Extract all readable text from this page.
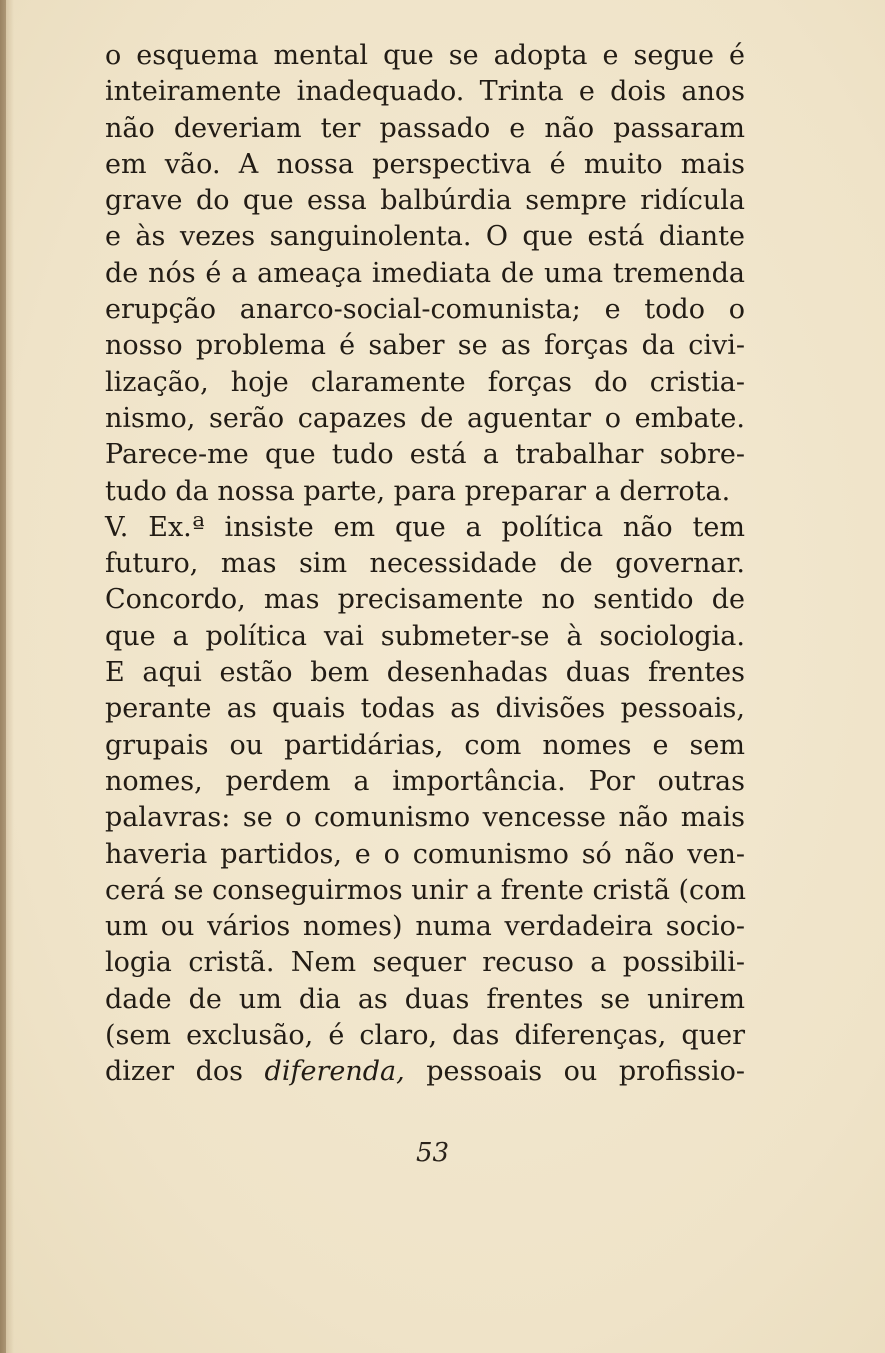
o esquema mental que se adopta e segue é
inteiramente inadequado. Trinta e dois anos
não deveriam ter passado e não passaram
em vão. A nossa perspectiva é muito mais
grave do que essa balbúrdia sempre ridícula
e às vezes sanguinolenta. O que está diante
de nós é a ameaça imediata de uma tremenda
erupção anarco-social-comunista; e todo o
nosso problema é saber se as forças da civi-
lização, hoje claramente forças do cristia-
nismo, serão capazes de aguentar o embate.
Parece-me que tudo está a trabalhar sobre-
tudo da nossa parte, para preparar a derrota.
V. Ex.ª insiste em que a política não tem
futuro, mas sim necessidade de governar.
Concordo, mas precisamente no sentido de
que a política vai submeter-se à sociologia.
E aqui estão bem desenhadas duas frentes
perante as quais todas as divisões pessoais,
grupais ou partidárias, com nomes e sem
nomes, perdem a importância. Por outras
palavras: se o comunismo vencesse não mais
haveria partidos, e o comunismo só não ven-
cerá se conseguirmos unir a frente cristã (com
um ou vários nomes) numa verdadeira socio-
logia cristã. Nem sequer recuso a possibili-
dade de um dia as duas frentes se unirem
(sem exclusão, é claro, das diferenças, quer
dizer dos diferenda, pessoais ou profissio-
53
